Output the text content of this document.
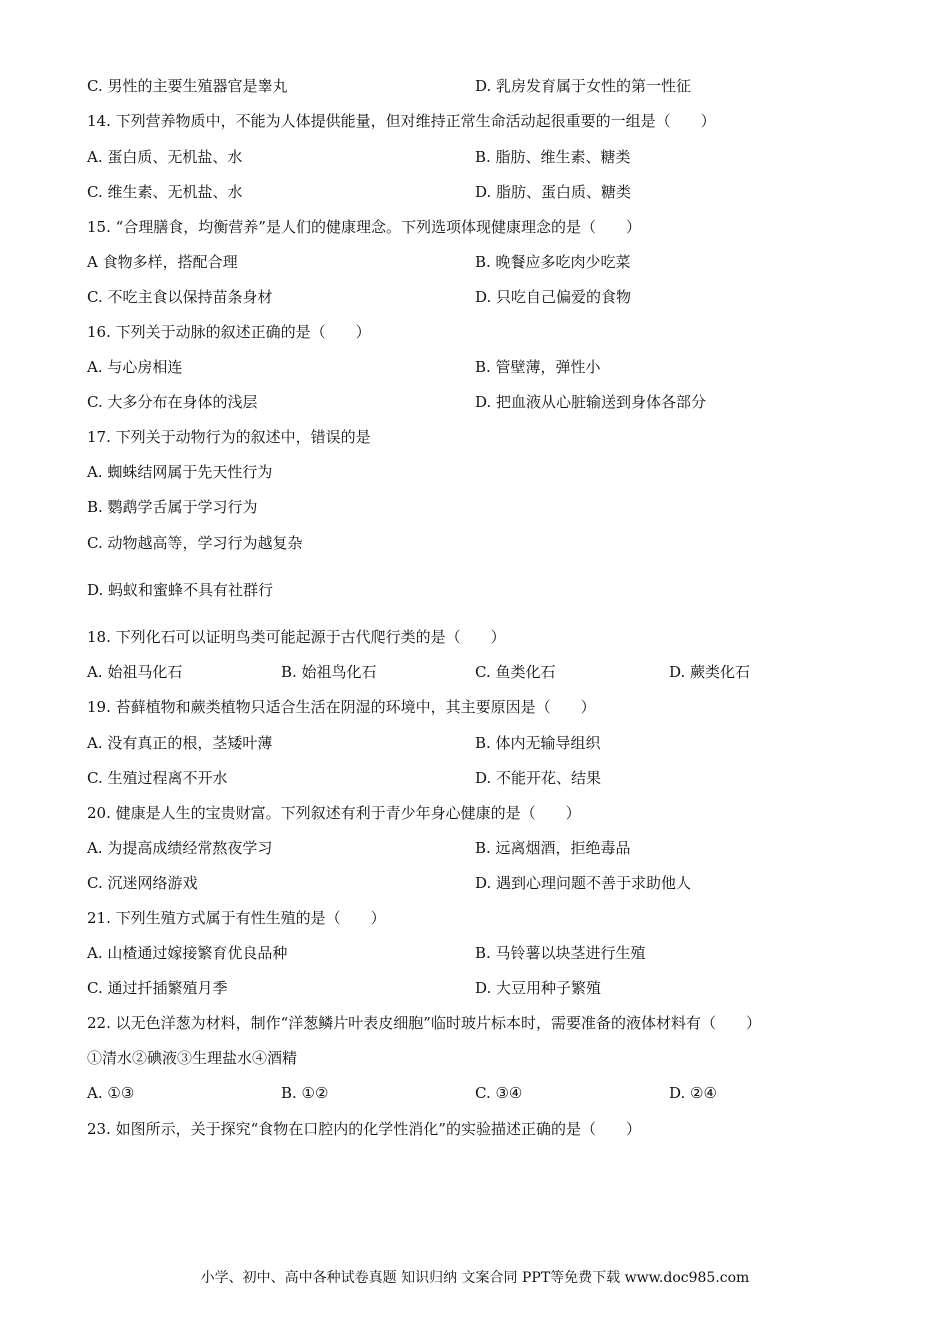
C. 男性的主要生殖器官是睾丸	D. 乳房发育属于女性的第一性征
14. 下列营养物质中，不能为人体提供能量，但对维持正常生命活动起很重要的一组是（　　）
A. 蛋白质、无机盐、水	B. 脂肪、维生素、糖类
C. 维生素、无机盐、水	D. 脂肪、蛋白质、糖类
15. “合理膳食，均衡营养”是人们的健康理念。下列选项体现健康理念的是（　　）
A 食物多样，搭配合理	B. 晚餐应多吃肉少吃菜
C. 不吃主食以保持苗条身材	D. 只吃自己偏爱的食物
16. 下列关于动脉的叙述正确的是（　　）
A. 与心房相连	B. 管壁薄，弹性小
C. 大多分布在身体的浅层	D. 把血液从心脏输送到身体各部分
17. 下列关于动物行为的叙述中，错误的是
A. 蜘蛛结网属于先天性行为
B. 鹦鹉学舌属于学习行为
C. 动物越高等，学习行为越复杂
D. 蚂蚁和蜜蜂不具有社群行
18. 下列化石可以证明鸟类可能起源于古代爬行类的是（　　）
A. 始祖马化石	B. 始祖鸟化石	C. 鱼类化石	D. 蕨类化石
19. 苔藓植物和蕨类植物只适合生活在阴湿的环境中，其主要原因是（　　）
A. 没有真正的根，茎矮叶薄	B. 体内无输导组织
C. 生殖过程离不开水	D. 不能开花、结果
20. 健康是人生的宝贵财富。下列叙述有利于青少年身心健康的是（　　）
A. 为提高成绩经常熬夜学习	B. 远离烟酒，拒绝毒品
C. 沉迷网络游戏	D. 遇到心理问题不善于求助他人
21. 下列生殖方式属于有性生殖的是（　　）
A. 山楂通过嫁接繁育优良品种	B. 马铃薯以块茎进行生殖
C. 通过扦插繁殖月季	D. 大豆用种子繁殖
22. 以无色洋葱为材料，制作“洋葱鳞片叶表皮细胞”临时玻片标本时，需要准备的液体材料有（　　）
①清水②碘液③生理盐水④酒精
A. ①③	B. ①②	C. ③④	D. ②④
23. 如图所示，关于探究“食物在口腔内的化学性消化”的实验描述正确的是（　　）
小学、初中、高中各种试卷真题 知识归纳 文案合同 PPT等免费下载 www.doc985.com
